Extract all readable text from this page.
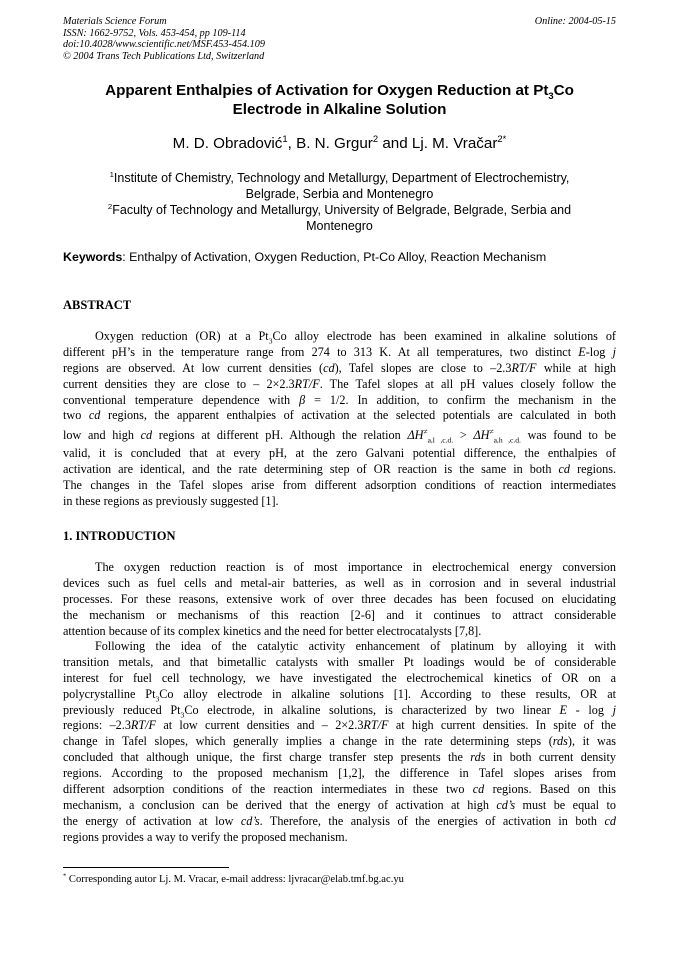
Materials Science Forum
ISSN: 1662-9752, Vols. 453-454, pp 109-114
doi:10.4028/www.scientific.net/MSF.453-454.109
© 2004 Trans Tech Publications Ltd, Switzerland
Online: 2004-05-15
Apparent Enthalpies of Activation for Oxygen Reduction at $Pt_3Co$
Electrode in Alkaline Solution
M. D. Obradović$^1$, B. N. Grgur$^2$ and Lj. M. Vračar$^{2*}$
$^1$Institute of Chemistry, Technology and Metallurgy, Department of Electrochemistry,
Belgrade, Serbia and Montenegro
$^2$Faculty of Technology and Metallurgy, University of Belgrade, Belgrade, Serbia and
Montenegro
Keywords: Enthalpy of Activation, Oxygen Reduction, Pt-Co Alloy, Reaction Mechanism
ABSTRACT
Oxygen reduction (OR) at a $Pt_3Co$ alloy electrode has been examined in alkaline solutions of
different pH’s in the temperature range from 274 to 313 K. At all temperatures, two distinct E-log j
regions are observed. At low current densities (cd), Tafel slopes are close to –2.3RT/F while at high
current densities they are close to – 2×2.3RT/F. The Tafel slopes at all pH values closely follow the
conventional temperature dependence with β = 1/2. In addition, to confirm the mechanism in the
two cd regions, the apparent enthalpies of activation at the selected potentials are calculated in both
low and high cd regions at different pH. Although the relation $\Delta H^\ne_{a,l ,c.d.} > \Delta H^\ne_{a,h ,c.d.}$ was found to be
valid, it is concluded that at every pH, at the zero Galvani potential difference, the enthalpies of
activation are identical, and the rate determining step of OR reaction is the same in both cd regions.
The changes in the Tafel slopes arise from different adsorption conditions of reaction intermediates
in these regions as previously suggested [1].
1. INTRODUCTION
The oxygen reduction reaction is of most importance in electrochemical energy conversion
devices such as fuel cells and metal-air batteries, as well as in corrosion and in several industrial
processes. For these reasons, extensive work of over three decades has been focused on elucidating
the mechanism or mechanisms of this reaction [2-6] and it continues to attract considerable
attention because of its complex kinetics and the need for better electrocatalysts [7,8].
Following the idea of the catalytic activity enhancement of platinum by alloying it with
transition metals, and that bimetallic catalysts with smaller Pt loadings would be of considerable
interest for fuel cell technology, we have investigated the electrochemical kinetics of OR on a
polycrystalline $Pt_3Co$ alloy electrode in alkaline solutions [1]. According to these results, OR at
previously reduced $Pt_3Co$ electrode, in alkaline solutions, is characterized by two linear E - log j
regions: –2.3RT/F at low current densities and – 2×2.3RT/F at high current densities. In spite of the
change in Tafel slopes, which generally implies a change in the rate determining steps (rds), it was
concluded that although unique, the first charge transfer step presents the rds in both current density
regions. According to the proposed mechanism [1,2], the difference in Tafel slopes arises from
different adsorption conditions of the reaction intermediates in these two cd regions. Based on this
mechanism, a conclusion can be derived that the energy of activation at high cd’s must be equal to
the energy of activation at low cd’s. Therefore, the analysis of the energies of activation in both cd
regions provides a way to verify the proposed mechanism.
* Corresponding autor Lj. M. Vracar, e-mail address: ljvracar@elab.tmf.bg.ac.yu
